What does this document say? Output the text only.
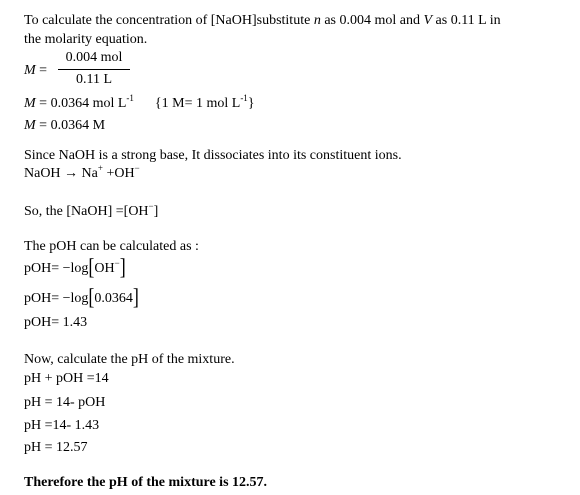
To calculate the concentration of [NaOH]substitute n as 0.004 mol and V as 0.11 L in
the molarity equation.
M =
0.004 mol
0.11 L
M = 0.0364 mol $L^{-1}$ {1 M= 1 mol $L^{-1}$}
M = 0.0364 M
Since NaOH is a strong base, It dissociates into its constituent ions.
NaOH → Na+ +OH−
So, the [NaOH] =[OH−]
The pOH can be calculated as :
pOH= −log[OH−]
pOH= −log[0.0364]
pOH= 1.43
Now, calculate the pH of the mixture.
pH + pOH =14
pH = 14- pOH
pH =14- 1.43
pH = 12.57
Therefore the pH of the mixture is 12.57.
